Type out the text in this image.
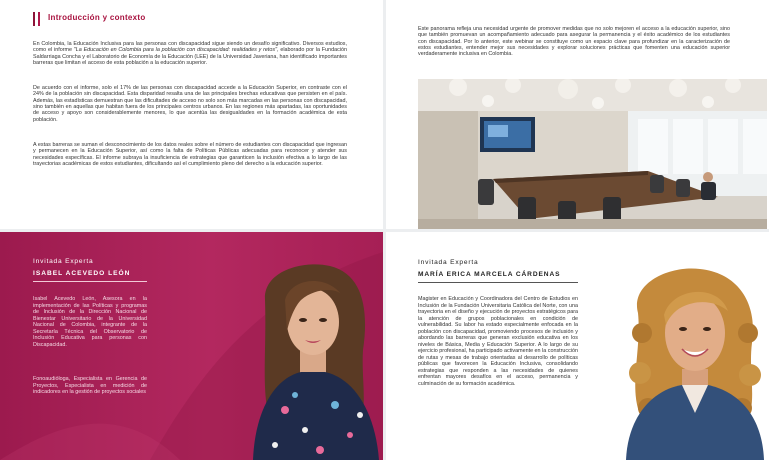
Introducción y contexto

En Colombia, la Educación Inclusiva para las personas con discapacidad sigue siendo un desafío significativo. Diversos estudios, como el informe "La Educación en Colombia para la población con discapacidad: realidades y retos", elaborado por la Fundación Saldarriaga Concha y el Laboratorio de Economía de la Educación (LEE) de la Universidad Javeriana, han identificado importantes barreras que limitan el acceso de esta población a la educación superior.

De acuerdo con el informe, solo el 17% de las personas con discapacidad accede a la Educación Superior, en contraste con el 24% de la población sin discapacidad. Esta disparidad resalta una de las principales brechas educativas que persisten en el país. Además, las estadísticas demuestran que las dificultades de acceso no solo son más marcadas en las personas con discapacidad, sino también en aquellas que habitan fuera de los principales centros urbanos. En las regiones más apartadas, las oportunidades de acceso y apoyo son considerablemente menores, lo que acentúa las desigualdades en la formación académica de esta población.

A estas barreras se suman el desconocimiento de los datos reales sobre el número de estudiantes con discapacidad que ingresan y permanecen en la Educación Superior, así como la falta de Políticas Públicas adecuadas para reconocer y atender sus necesidades específicas. El informe subraya la insuficiencia de estrategias que garanticen la inclusión efectiva a lo largo de las trayectorias académicas de estos estudiantes, dificultando así el cumplimiento pleno del derecho a la educación superior.

Este panorama refleja una necesidad urgente de promover medidas que no solo mejoren el acceso a la educación superior, sino que también promuevan un acompañamiento adecuado para asegurar la permanencia y el éxito académico de los estudiantes con discapacidad. Por lo anterior, este webinar se constituye como un espacio clave para profundizar en la caracterización de estos estudiantes, entender mejor sus necesidades y explorar soluciones prácticas que fomenten una educación superior verdaderamente inclusiva en Colombia.

Invitada Experta
ISABEL ACEVEDO LEÓN

Isabel Acevedo León, Asesora en la implementación de las Políticas y programas de Inclusión de la Dirección Nacional de Bienestar Universitario de la Universidad Nacional de Colombia, integrante de la Secretaría Técnica del Observatorio de Inclusión Educativa para personas con Discapacidad.

Fonoaudióloga, Especialista en Gerencia de Proyectos, Especialista en medición de indicadores en la gestión de proyectos sociales

Invitada Experta
MARÍA ERICA MARCELA CÁRDENAS

Magister en Educación y Coordinadora del Centro de Estudios en Inclusión de la Fundación Universitaria Católica del Norte, con una trayectoria en el diseño y ejecución de proyectos estratégicos para la atención de grupos poblacionales en condición de vulnerabilidad. Su labor ha estado especialmente enfocada en la población con discapacidad, promoviendo procesos de inclusión y abordando las barreras que generan exclusión educativa en los niveles de Básica, Media y Educación Superior. A lo largo de su ejercicio profesional, ha participado activamente en la construcción de rutas y mesas de trabajo orientadas al desarrollo de políticas públicas que favorecen la Educación Inclusiva, consolidando estrategias que responden a las necesidades de quienes enfrentan mayores desafíos en el acceso, permanencia y culminación de su formación académica.
